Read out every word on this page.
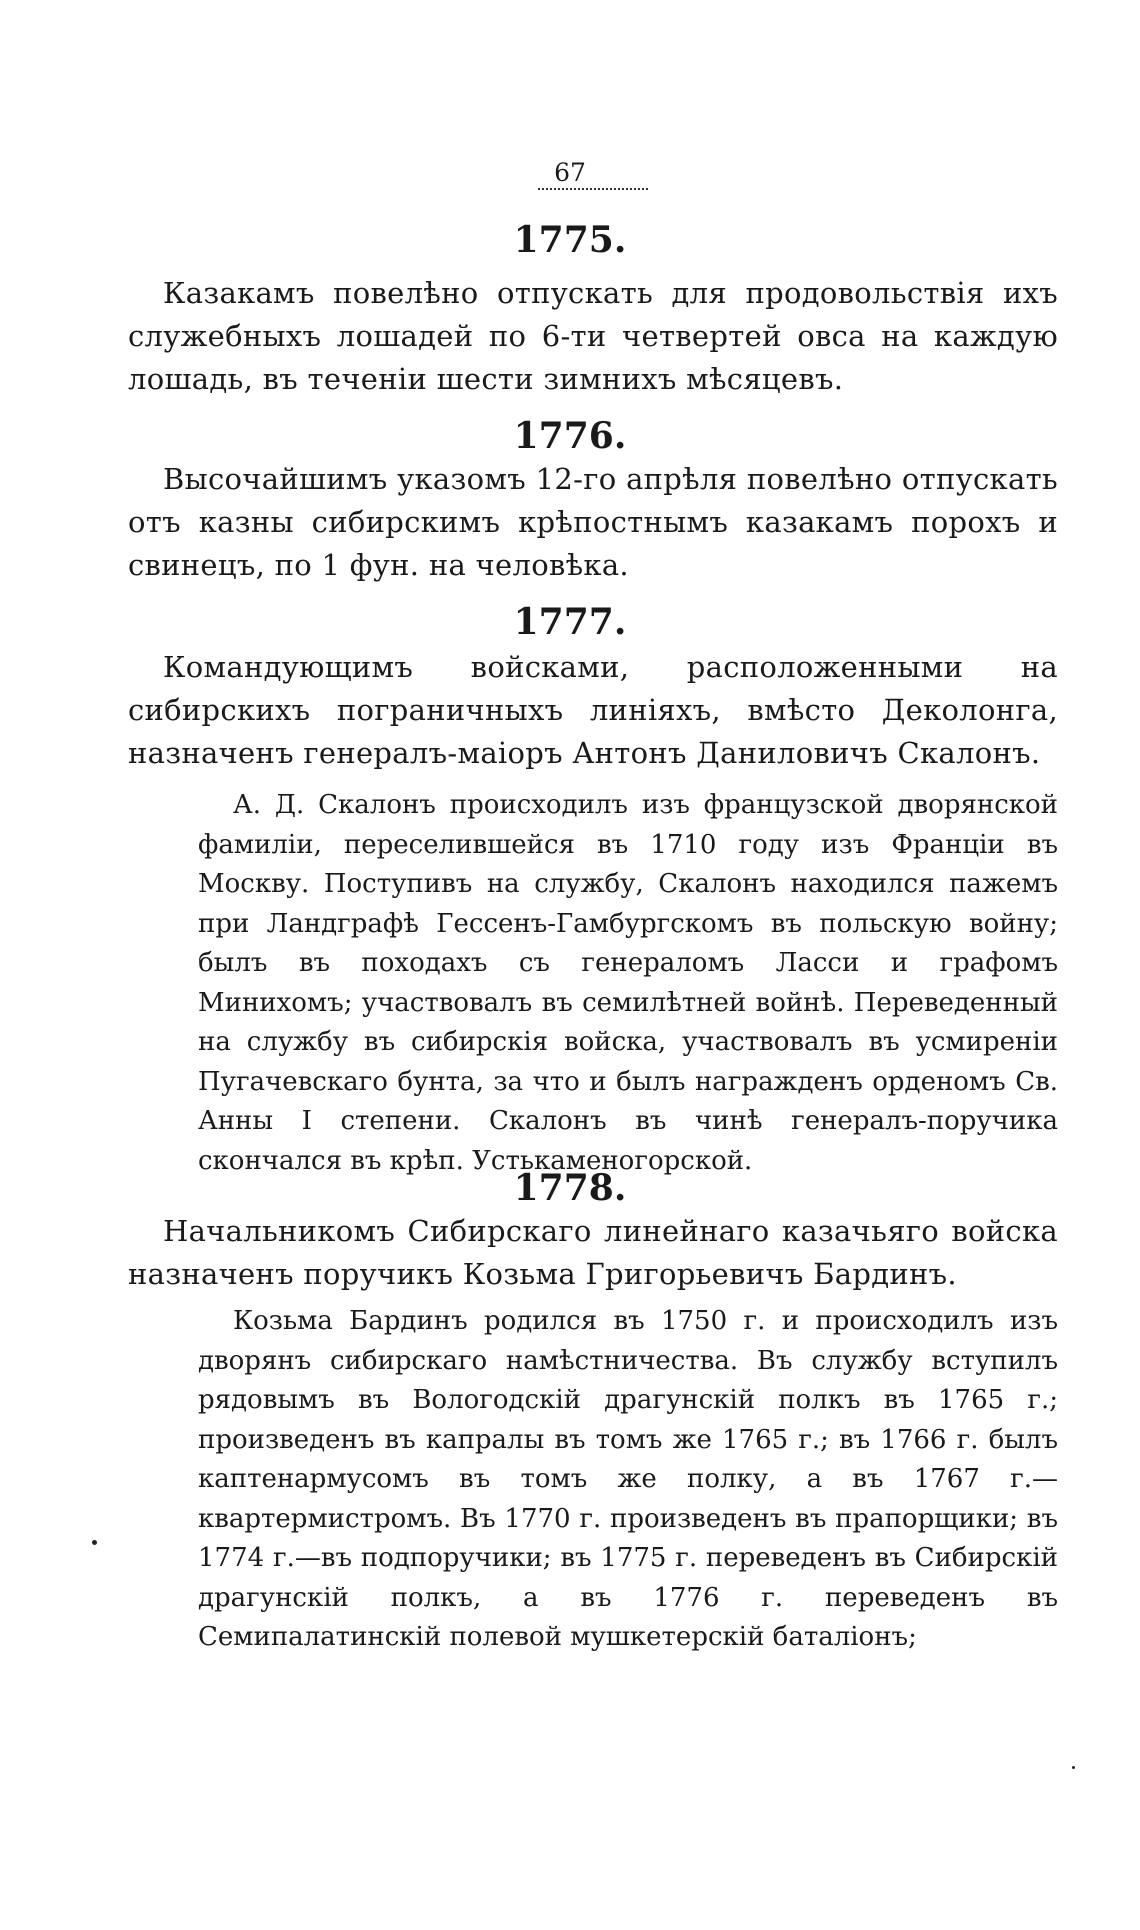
67
1775.

Казакамъ повелѣно отпускать для продовольствія ихъ служебныхъ лошадей по 6-ти четвертей овса на каждую лошадь, въ теченіи шести зимнихъ мѣсяцевъ.

1776.

Высочайшимъ указомъ 12-го апрѣля повелѣно отпускать отъ казны сибирскимъ крѣпостнымъ казакамъ порохъ и свинецъ, по 1 фун. на человѣка.

1777.

Командующимъ войсками, расположенными на сибирскихъ пограничныхъ линіяхъ, вмѣсто Деколонга, назначенъ генералъ-маіоръ Антонъ Даниловичъ Скалонъ.

А. Д. Скалонъ происходилъ изъ французской дворянской фамиліи, переселившейся въ 1710 году изъ Франціи въ Москву. Поступивъ на службу, Скалонъ находился пажемъ при Ландграфѣ Гессенъ-Гамбургскомъ въ польскую войну; былъ въ походахъ съ генераломъ Ласси и графомъ Минихомъ; участвовалъ въ семилѣтней войнѣ. Переведенный на службу въ сибирскія войска, участвовалъ въ усмиреніи Пугачевскаго бунта, за что и былъ награжденъ орденомъ Св. Анны I степени. Скалонъ въ чинѣ генералъ-поручика скончался въ крѣп. Устькаменогорской.

1778.

Начальникомъ Сибирскаго линейнаго казачьяго войска назначенъ поручикъ Козьма Григорьевичъ Бардинъ.

Козьма Бардинъ родился въ 1750 г. и происходилъ изъ дворянъ сибирскаго намѣстничества. Въ службу вступилъ рядовымъ въ Вологодскій драгунскій полкъ въ 1765 г.; произведенъ въ капралы въ томъ же 1765 г.; въ 1766 г. былъ каптенармусомъ въ томъ же полку, а въ 1767 г.—квартермистромъ. Въ 1770 г. произведенъ въ прапорщики; въ 1774 г.—въ подпоручики; въ 1775 г. переведенъ въ Сибирскій драгунскій полкъ, а въ 1776 г. переведенъ въ Семипалатинскій полевой мушкетерскій баталіонъ;
